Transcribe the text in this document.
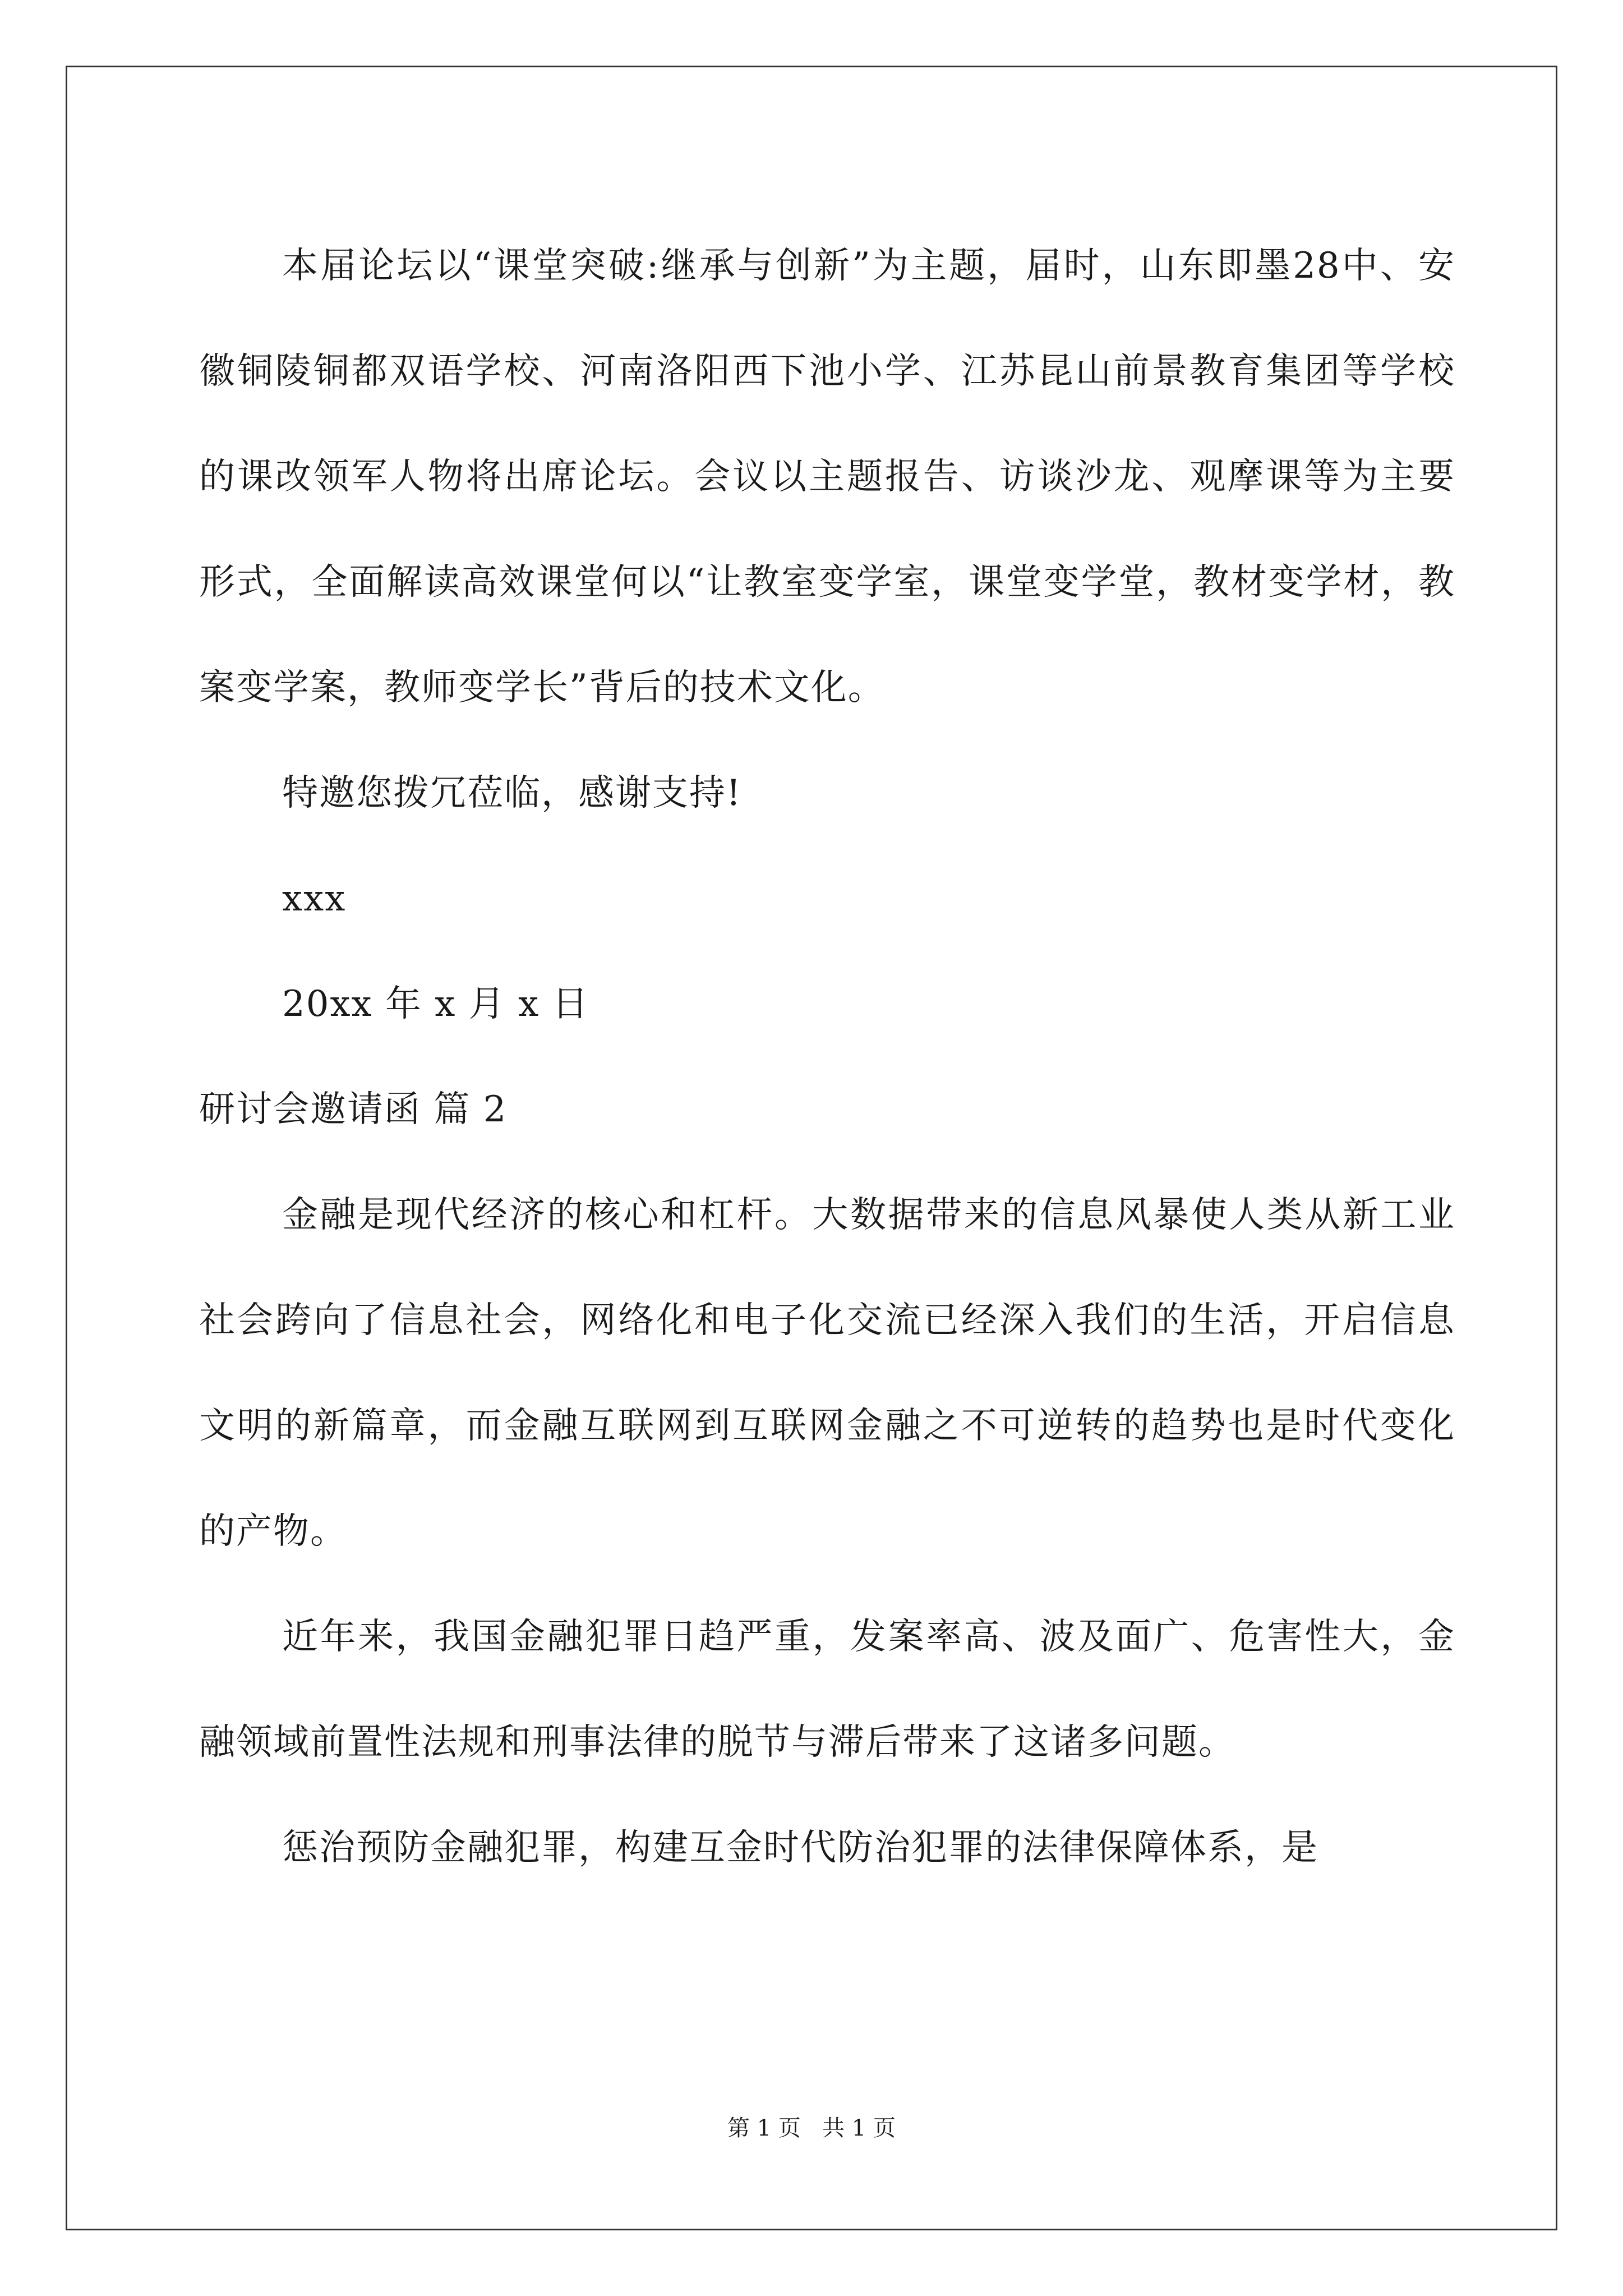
本届论坛以“课堂突破:继承与创新”为主题，届时，山东即墨28中、安徽铜陵铜都双语学校、河南洛阳西下池小学、江苏昆山前景教育集团等学校的课改领军人物将出席论坛。会议以主题报告、访谈沙龙、观摩课等为主要形式，全面解读高效课堂何以“让教室变学室，课堂变学堂，教材变学材，教案变学案，教师变学长”背后的技术文化。

特邀您拨冗莅临，感谢支持!

xxx

20xx 年 x 月 x 日

研讨会邀请函 篇 2

金融是现代经济的核心和杠杆。大数据带来的信息风暴使人类从新工业社会跨向了信息社会，网络化和电子化交流已经深入我们的生活，开启信息文明的新篇章，而金融互联网到互联网金融之不可逆转的趋势也是时代变化的产物。

近年来，我国金融犯罪日趋严重，发案率高、波及面广、危害性大，金融领域前置性法规和刑事法律的脱节与滞后带来了这诸多问题。

惩治预防金融犯罪，构建互金时代防治犯罪的法律保障体系，是

第 1 页   共 1 页
